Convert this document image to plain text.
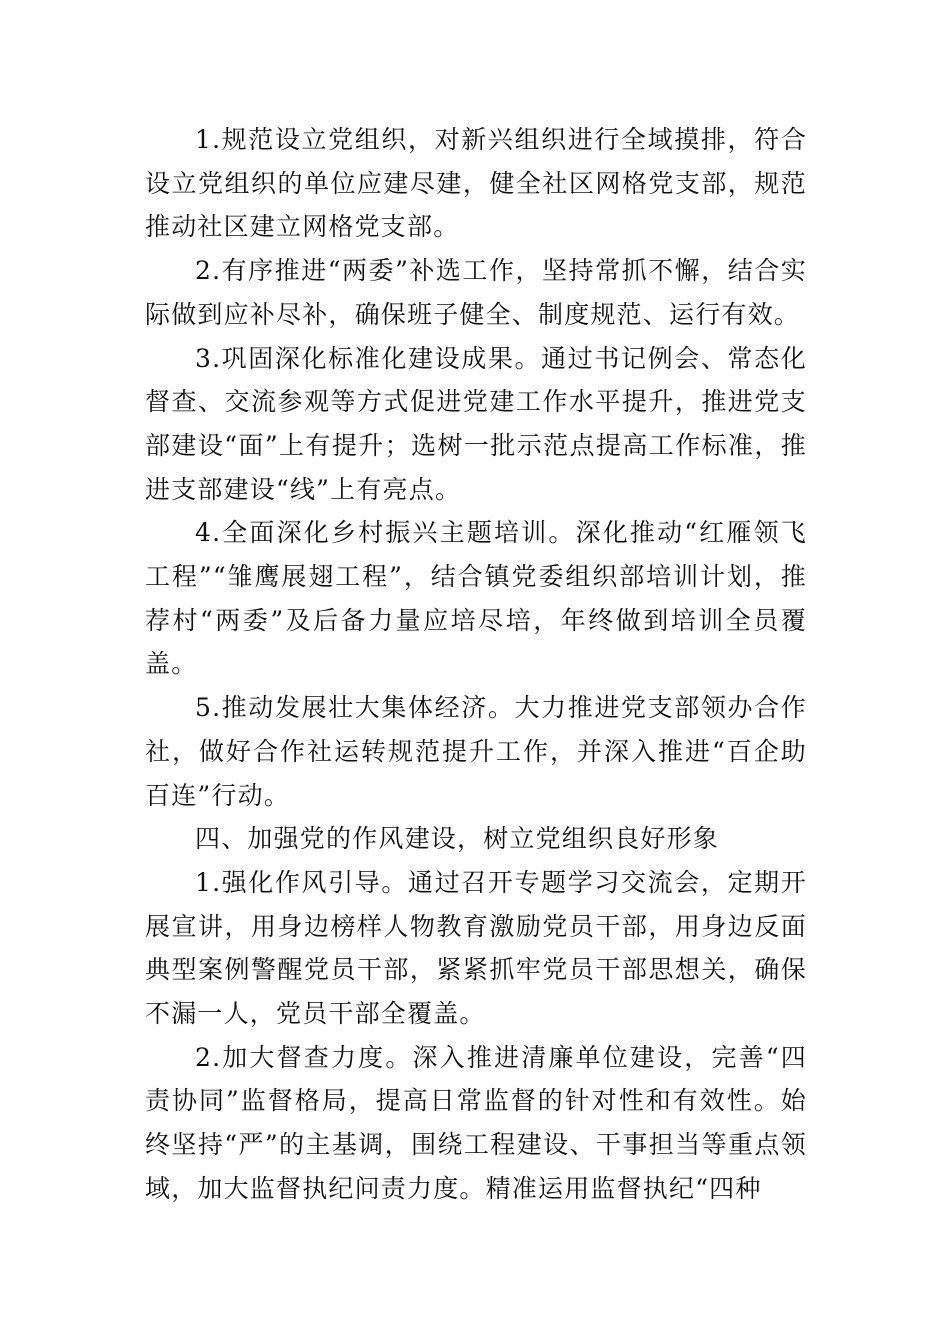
1.规范设立党组织，对新兴组织进行全域摸排，符合设立党组织的单位应建尽建，健全社区网格党支部，规范推动社区建立网格党支部。

2.有序推进“两委”补选工作，坚持常抓不懈，结合实际做到应补尽补，确保班子健全、制度规范、运行有效。

3.巩固深化标准化建设成果。通过书记例会、常态化督查、交流参观等方式促进党建工作水平提升，推进党支部建设“面”上有提升；选树一批示范点提高工作标准，推进支部建设“线”上有亮点。

4.全面深化乡村振兴主题培训。深化推动“红雁领飞工程”“雏鹰展翅工程”，结合镇党委组织部培训计划，推荐村“两委”及后备力量应培尽培，年终做到培训全员覆盖。

5.推动发展壮大集体经济。大力推进党支部领办合作社，做好合作社运转规范提升工作，并深入推进“百企助百连”行动。

四、加强党的作风建设，树立党组织良好形象

1.强化作风引导。通过召开专题学习交流会，定期开展宣讲，用身边榜样人物教育激励党员干部，用身边反面典型案例警醒党员干部，紧紧抓牢党员干部思想关，确保不漏一人，党员干部全覆盖。

2.加大督查力度。深入推进清廉单位建设，完善“四责协同”监督格局，提高日常监督的针对性和有效性。始终坚持“严”的主基调，围绕工程建设、干事担当等重点领域，加大监督执纪问责力度。精准运用监督执纪“四种
